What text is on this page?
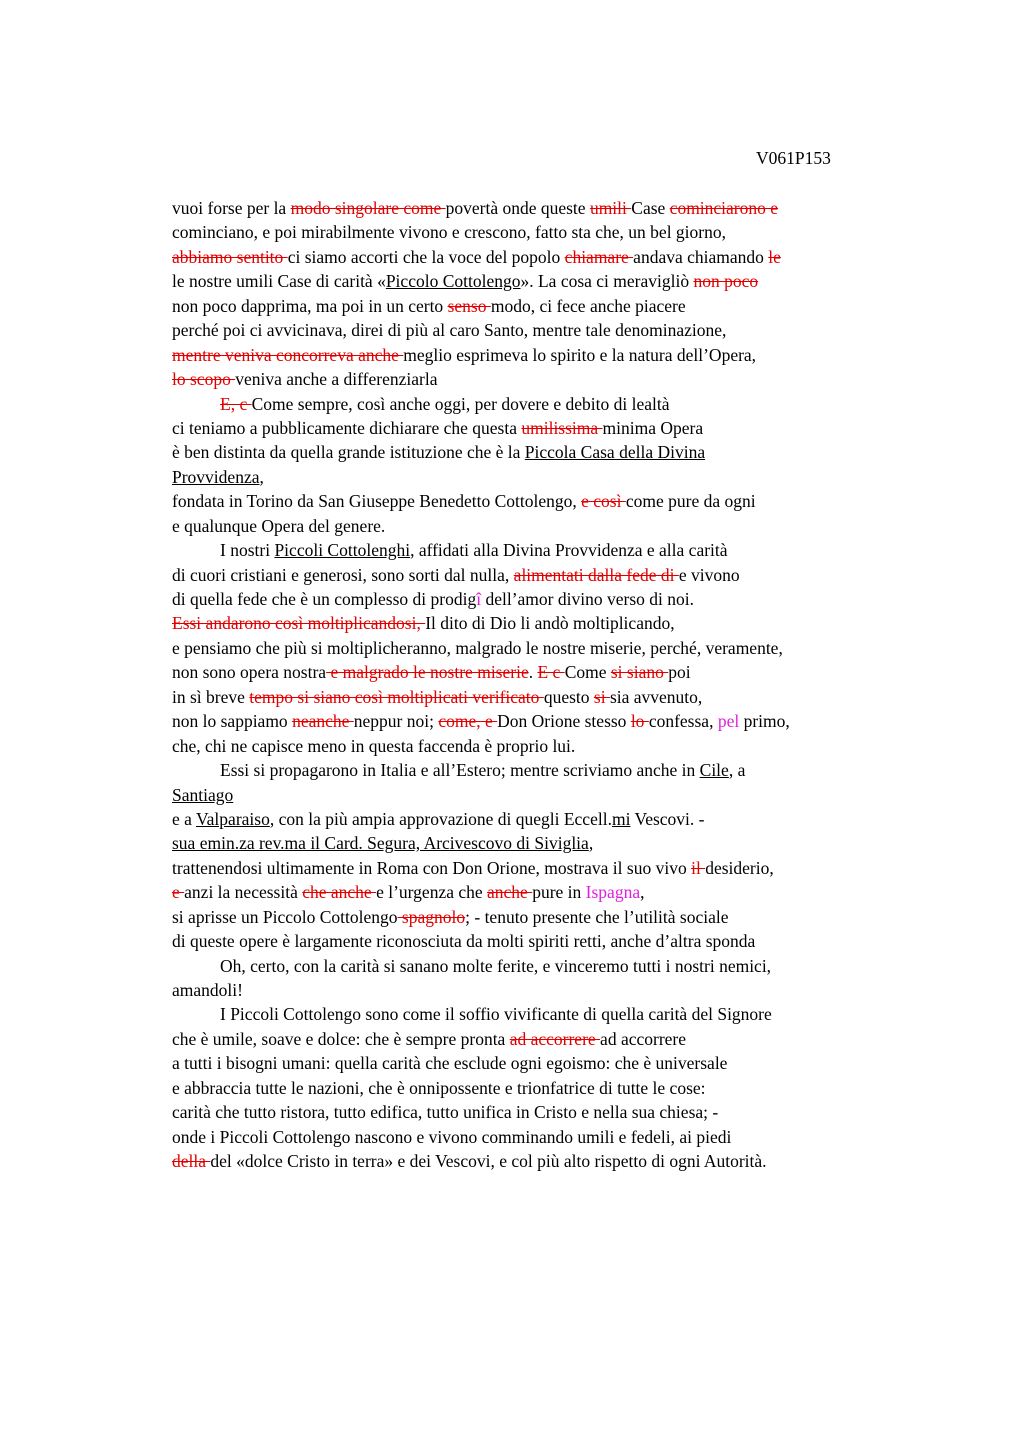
V061P153
vuoi forse per la modo singolare come povertà onde queste umili Case cominciarono e
cominciano, e poi mirabilmente vivono e crescono, fatto sta che, un bel giorno,
abbiamo sentito ci siamo accorti che la voce del popolo chiamare andava chiamando le
le nostre umili Case di carità «Piccolo Cottolengo». La cosa ci meravigliò non poco
non poco dapprima, ma poi in un certo senso modo, ci fece anche piacere
perché poi ci avvicinava, direi di più al caro Santo, mentre tale denominazione,
mentre veniva concorreva anche meglio esprimeva lo spirito e la natura dell’Opera,
lo scopo veniva anche a differenziarla
E, c Come sempre, così anche oggi, per dovere e debito di lealtà
ci teniamo a pubblicamente dichiarare che questa umilissima minima Opera
è ben distinta da quella grande istituzione che è la Piccola Casa della Divina
Provvidenza,
fondata in Torino da San Giuseppe Benedetto Cottolengo, e così come pure da ogni
e qualunque Opera del genere.
I nostri Piccoli Cottolenghi, affidati alla Divina Provvidenza e alla carità
di cuori cristiani e generosi, sono sorti dal nulla, alimentati dalla fede di e vivono
di quella fede che è un complesso di prodigî dell’amor divino verso di noi.
Essi andarono così moltiplicandosi, Il dito di Dio li andò moltiplicando,
e pensiamo che più si moltiplicheranno, malgrado le nostre miserie, perché, veramente,
non sono opera nostra e malgrado le nostre miserie. E c Come si siano poi
in sì breve tempo si siano così moltiplicati verificato questo si sia avvenuto,
non lo sappiamo neanche neppur noi; come, e Don Orione stesso lo confessa, pel primo,
che, chi ne capisce meno in questa faccenda è proprio lui.
Essi si propagarono in Italia e all’Estero; mentre scriviamo anche in Cile, a
Santiago
e a Valparaiso, con la più ampia approvazione di quegli Eccell.mi Vescovi. -
sua emin.za rev.ma il Card. Segura, Arcivescovo di Siviglia,
trattenendosi ultimamente in Roma con Don Orione, mostrava il suo vivo il desiderio,
e anzi la necessità che anche e l’urgenza che anche pure in Ispagna,
si aprisse un Piccolo Cottolengo spagnolo; - tenuto presente che l’utilità sociale
di queste opere è largamente riconosciuta da molti spiriti retti, anche d’altra sponda
Oh, certo, con la carità si sanano molte ferite, e vinceremo tutti i nostri nemici,
amandoli!
I Piccoli Cottolengo sono come il soffio vivificante di quella carità del Signore
che è umile, soave e dolce: che è sempre pronta ad accorrere ad accorrere
a tutti i bisogni umani: quella carità che esclude ogni egoismo: che è universale
e abbraccia tutte le nazioni, che è onnipossente e trionfatrice di tutte le cose:
carità che tutto ristora, tutto edifica, tutto unifica in Cristo e nella sua chiesa; -
onde i Piccoli Cottolengo nascono e vivono comminando umili e fedeli, ai piedi
della del «dolce Cristo in terra» e dei Vescovi, e col più alto rispetto di ogni Autorità.
